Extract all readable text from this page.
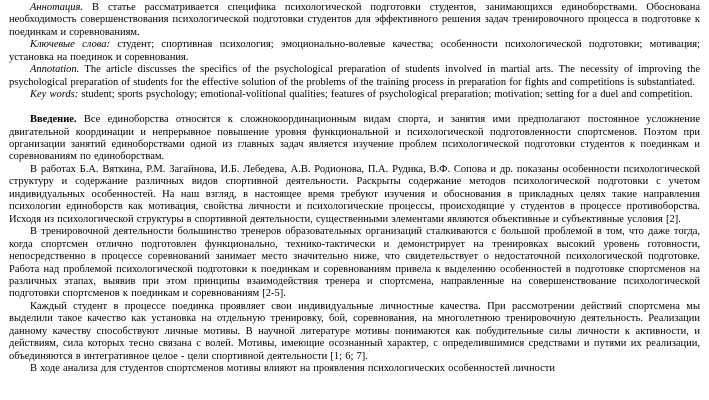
Аннотация. В статье рассматривается специфика психологической подготовки студентов, занимающихся единоборствами. Обоснована необходимость совершенствования психологической подготовки студентов для эффективного решения задач тренировочного процесса в подготовке к поединкам и соревнованиям.

Ключевые слова: студент; спортивная психология; эмоционально-волевые качества; особенности психологической подготовки; мотивация; установка на поединок и соревнования.

Annotation. The article discusses the specifics of the psychological preparation of students involved in martial arts. The necessity of improving the psychological preparation of students for the effective solution of the problems of the training process in preparation for fights and competitions is substantiated.

Key words: student; sports psychology; emotional-volitional qualities; features of psychological preparation; motivation; setting for a duel and competition.

Введение. Все единоборства относятся к сложнокоординационным видам спорта, и занятия ими предполагают постоянное усложнение двигательной координации и непрерывное повышение уровня функциональной и психологической подготовленности спортсменов. Поэтом при организации занятий единоборствами одной из главных задач является изучение проблем психологической подготовки студентов к поединкам и соревнованиям по единоборствам.

В работах Б.А. Вяткина, Р.М. Загайнова, И.Б. Лебедева, А.В. Родионова, П.А. Рудика, В.Ф. Сопова и др. показаны особенности психологической структуру и содержание различных видов спортивной деятельности. Раскрыты содержание методов психологической подготовки с учетом индивидуальных особенностей. На наш взгляд, в настоящее время требуют изучения и обоснования в прикладных целях такие направления психологии единоборств как мотивация, свойства личности и психологические процессы, происходящие у студентов в процессе противоборства. Исходя из психологической структуры в спортивной деятельности, существенными элементами являются объективные и субъективные условия [2].

В тренировочной деятельности большинство тренеров образовательных организаций сталкиваются с большой проблемой в том, что даже тогда, когда спортсмен отлично подготовлен функционально, технико-тактически и демонстрирует на тренировках высокий уровень готовности, непосредственно в процессе соревнований занимает место значительно ниже, что свидетельствует о недостаточной психологической подготовке. Работа над проблемой психологической подготовки к поединкам и соревнованиям привела к выделению особенностей в подготовке спортсменов на различных этапах, выявив при этом принципы взаимодействия тренера и спортсмена, направленные на совершенствование психологической подготовки спортсменов к поединкам и соревнованиям [2-5].

Каждый студент в процессе поединка проявляет свои индивидуальные личностные качества. При рассмотрении действий спортсмена мы выделили такое качество как установка на отдельную тренировку, бой, соревнования, на многолетнюю тренировочную деятельность. Реализации данному качеству способствуют личные мотивы. В научной литературе мотивы понимаются как побудительные силы личности к активности, и действиям, сила которых тесно связана с волей. Мотивы, имеющие осознанный характер, с определившимися средствами и путями их реализации, объединяются в интегративное целое - цели спортивной деятельности [1; 6; 7].

В ходе анализа для студентов спортсменов мотивы влияют на проявления психологических особенностей личности
